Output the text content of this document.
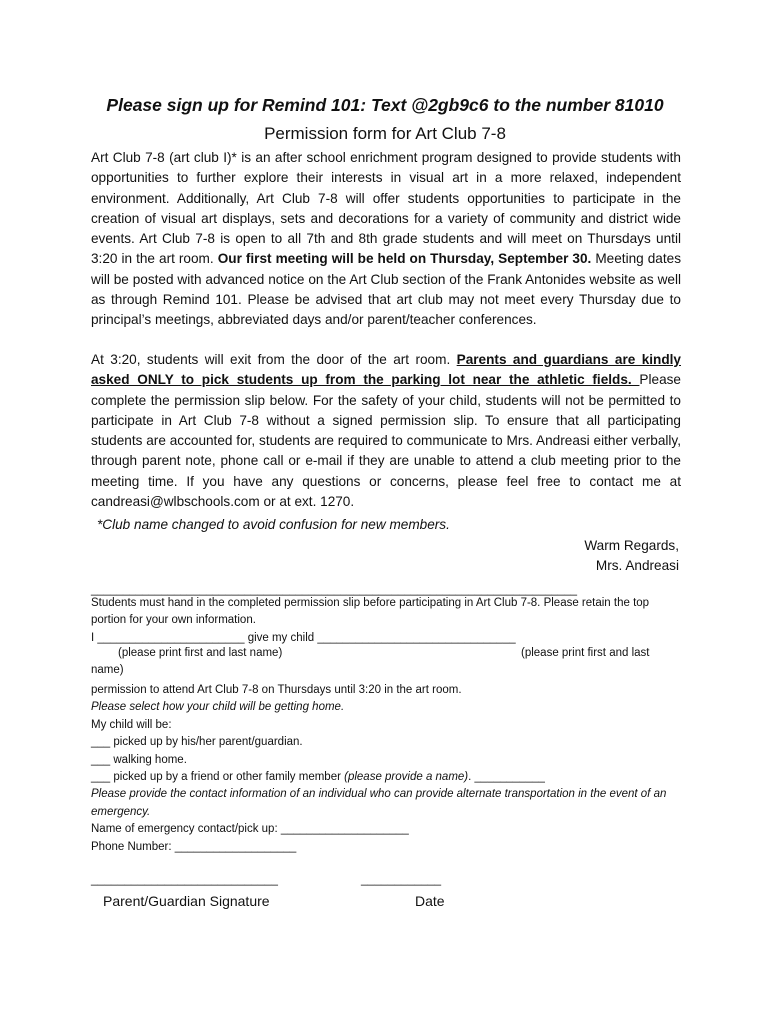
Please sign up for Remind 101: Text @2gb9c6 to the number 81010
Permission form for Art Club 7-8

Art Club 7-8 (art club I)* is an after school enrichment program designed to provide students with opportunities to further explore their interests in visual art in a more relaxed, independent environment. Additionally, Art Club 7-8 will offer students opportunities to participate in the creation of visual art displays, sets and decorations for a variety of community and district wide events. Art Club 7-8 is open to all 7th and 8th grade students and will meet on Thursdays until 3:20 in the art room. Our first meeting will be held on Thursday, September 30. Meeting dates will be posted with advanced notice on the Art Club section of the Frank Antonides website as well as through Remind 101. Please be advised that art club may not meet every Thursday due to principal’s meetings, abbreviated days and/or parent/teacher conferences.

At 3:20, students will exit from the door of the art room. Parents and guardians are kindly asked ONLY to pick students up from the parking lot near the athletic fields. Please complete the permission slip below. For the safety of your child, students will not be permitted to participate in Art Club 7-8 without a signed permission slip. To ensure that all participating students are accounted for, students are required to communicate to Mrs. Andreasi either verbally, through parent note, phone call or e-mail if they are unable to attend a club meeting prior to the meeting time. If you have any questions or concerns, please feel free to contact me at candreasi@wlbschools.com or at ext. 1270.

*Club name changed to avoid confusion for new members.
Warm Regards,
Mrs. Andreasi
____________________________________________________________________________

Students must hand in the completed permission slip before participating in Art Club 7-8. Please retain the top portion for your own information.
I _______________________ give my child _______________________________

(please print first and last name)	(please print first and last
name)

permission to attend Art Club 7-8 on Thursdays until 3:20 in the art room.
Please select how your child will be getting home.
My child will be:
___ picked up by his/her parent/guardian.
___ walking home.
___ picked up by a friend or other family member (please provide a name). ___________
Please provide the contact information of an individual who can provide alternate transportation in the event of an emergency.
Name of emergency contact/pick up: ____________________
Phone Number: ___________________

____________________________	____________
Parent/Guardian Signature	Date
